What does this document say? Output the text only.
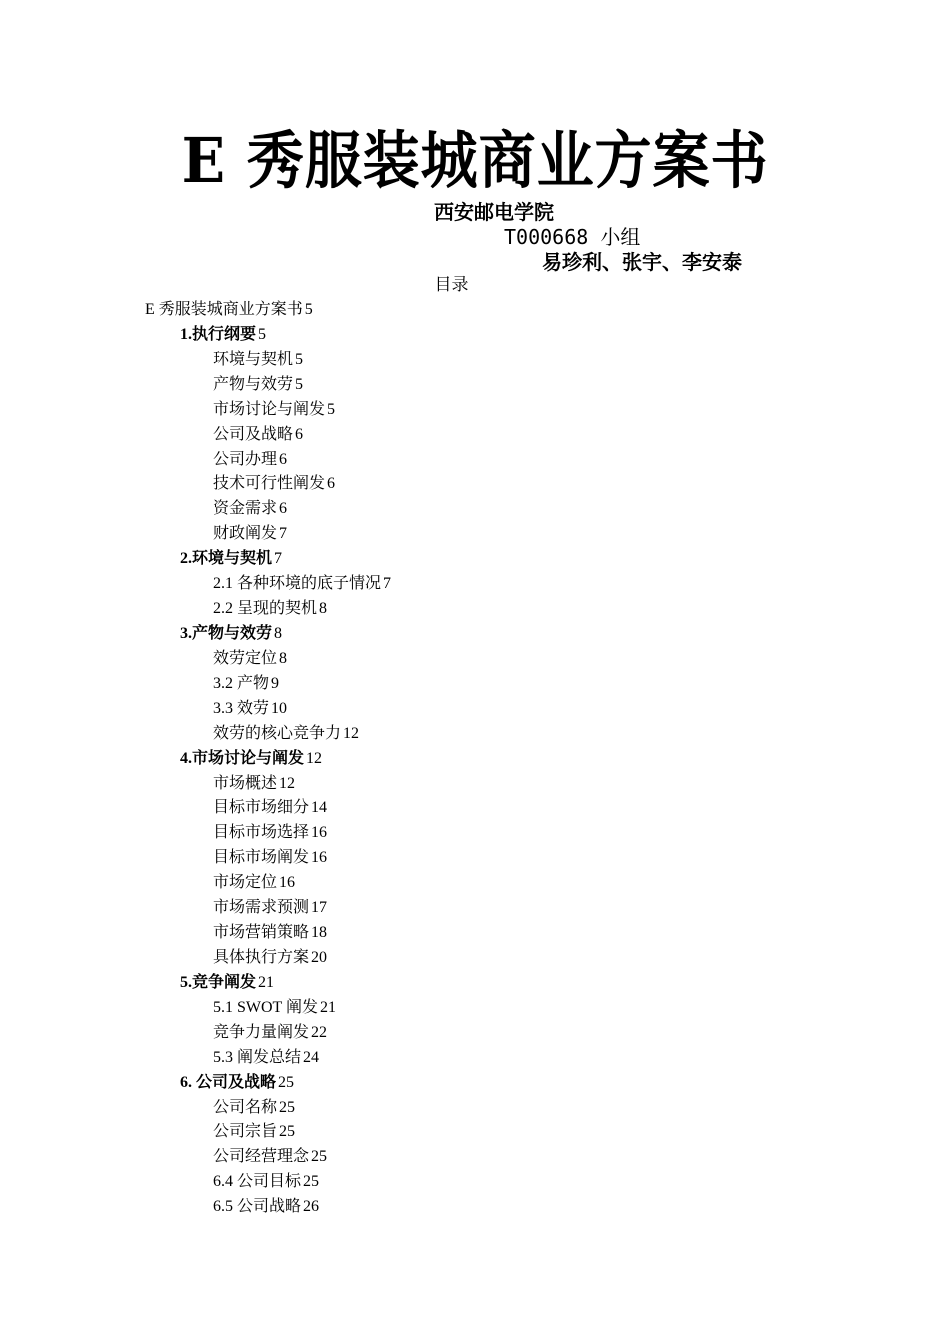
E 秀服装城商业方案书
西安邮电学院
T000668 小组
易珍利、张宇、李安泰
目录
E 秀服装城商业方案书 5
1.执行纲要 5
环境与契机 5
产物与效劳 5
市场讨论与阐发 5
公司及战略 6
公司办理 6
技术可行性阐发 6
资金需求 6
财政阐发 7
2.环境与契机 7
2.1 各种环境的底子情况 7
2.2 呈现的契机 8
3.产物与效劳 8
效劳定位 8
3.2 产物 9
3.3 效劳 10
效劳的核心竞争力 12
4.市场讨论与阐发 12
市场概述 12
目标市场细分 14
目标市场选择 16
目标市场阐发 16
市场定位 16
市场需求预测 17
市场营销策略 18
具体执行方案 20
5.竞争阐发 21
5.1 SWOT 阐发 21
竞争力量阐发 22
5.3 阐发总结 24
6. 公司及战略 25
公司名称 25
公司宗旨 25
公司经营理念 25
6.4 公司目标 25
6.5 公司战略 26
